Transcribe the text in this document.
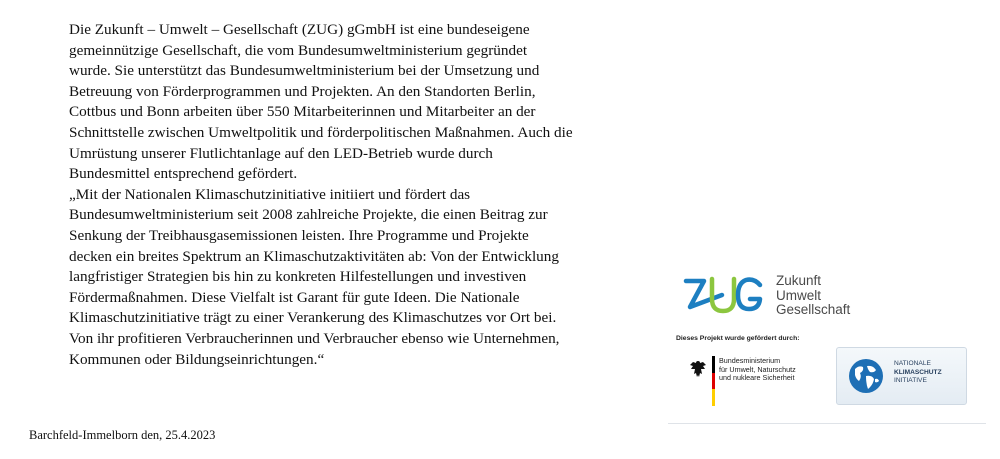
Die Zukunft – Umwelt – Gesellschaft (ZUG) gGmbH ist eine bundeseigene
gemeinnützige Gesellschaft, die vom Bundesumweltministerium gegründet
wurde. Sie unterstützt das Bundesumweltministerium bei der Umsetzung und
Betreuung von Förderprogrammen und Projekten. An den Standorten Berlin,
Cottbus und Bonn arbeiten über 550 Mitarbeiterinnen und Mitarbeiter an der
Schnittstelle zwischen Umweltpolitik und förderpolitischen Maßnahmen. Auch die
Umrüstung unserer Flutlichtanlage auf den LED-Betrieb wurde durch
Bundesmittel entsprechend gefördert.

„Mit der Nationalen Klimaschutzinitiative initiiert und fördert das
Bundesumweltministerium seit 2008 zahlreiche Projekte, die einen Beitrag zur
Senkung der Treibhausgasemissionen leisten. Ihre Programme und Projekte
decken ein breites Spektrum an Klimaschutzaktivitäten ab: Von der Entwicklung
langfristiger Strategien bis hin zu konkreten Hilfestellungen und investiven
Fördermaßnahmen. Diese Vielfalt ist Garant für gute Ideen. Die Nationale
Klimaschutzinitiative trägt zu einer Verankerung des Klimaschutzes vor Ort bei.
Von ihr profitieren Verbraucherinnen und Verbraucher ebenso wie Unternehmen,
Kommunen oder Bildungseinrichtungen.“

Barchfeld-Immelborn den, 25.4.2023
Zukunft
Umwelt
Gesellschaft
Dieses Projekt wurde gefördert durch:
Bundesministerium
für Umwelt, Naturschutz
und nukleare Sicherheit
NATIONALE
KLIMASCHUTZ
INITIATIVE
